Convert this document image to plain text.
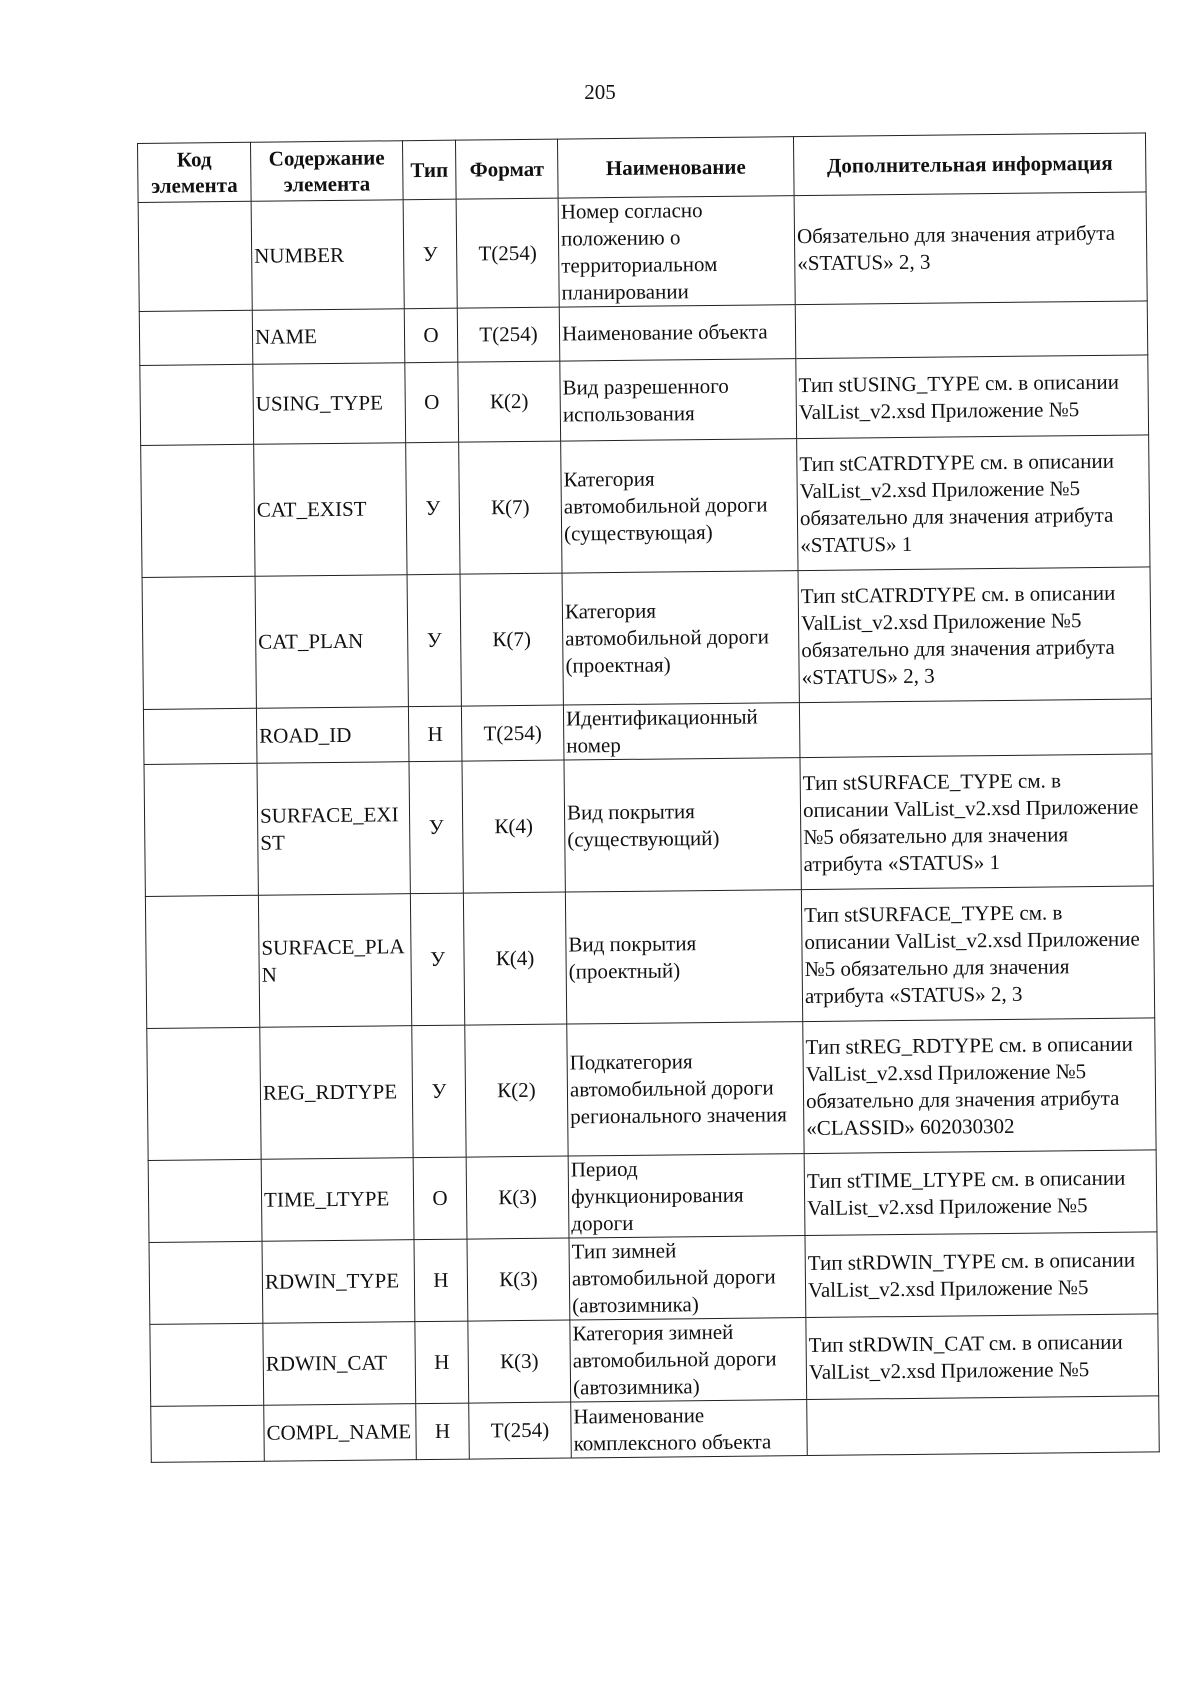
205
Код элемента	Содержание элемента	Тип	Формат	Наименование	Дополнительная информация
	NUMBER	У	Т(254)	Номер согласно положению о территориальном планировании	Обязательно для значения атрибута «STATUS» 2, 3
	NAME	О	Т(254)	Наименование объекта	
	USING_TYPE	О	К(2)	Вид разрешенного использования	Тип stUSING_TYPE см. в описании ValList_v2.xsd Приложение №5
	CAT_EXIST	У	К(7)	Категория автомобильной дороги (существующая)	Тип stCATRDTYPE см. в описании ValList_v2.xsd Приложение №5 обязательно для значения атрибута «STATUS» 1
	CAT_PLAN	У	К(7)	Категория автомобильной дороги (проектная)	Тип stCATRDTYPE см. в описании ValList_v2.xsd Приложение №5 обязательно для значения атрибута «STATUS» 2, 3
	ROAD_ID	Н	Т(254)	Идентификационный номер	
	SURFACE_EXIST	У	К(4)	Вид покрытия (существующий)	Тип stSURFACE_TYPE см. в описании ValList_v2.xsd Приложение №5 обязательно для значения атрибута «STATUS» 1
	SURFACE_PLAN	У	К(4)	Вид покрытия (проектный)	Тип stSURFACE_TYPE см. в описании ValList_v2.xsd Приложение №5 обязательно для значения атрибута «STATUS» 2, 3
	REG_RDTYPE	У	К(2)	Подкатегория автомобильной дороги регионального значения	Тип stREG_RDTYPE см. в описании ValList_v2.xsd Приложение №5 обязательно для значения атрибута «CLASSID» 602030302
	TIME_LTYPE	О	К(3)	Период функционирования дороги	Тип stTIME_LTYPE см. в описании ValList_v2.xsd Приложение №5
	RDWIN_TYPE	Н	К(3)	Тип зимней автомобильной дороги (автозимника)	Тип stRDWIN_TYPE см. в описании ValList_v2.xsd Приложение №5
	RDWIN_CAT	Н	К(3)	Категория зимней автомобильной дороги (автозимника)	Тип stRDWIN_CAT см. в описании ValList_v2.xsd Приложение №5
	COMPL_NAME	Н	Т(254)	Наименование комплексного объекта	
